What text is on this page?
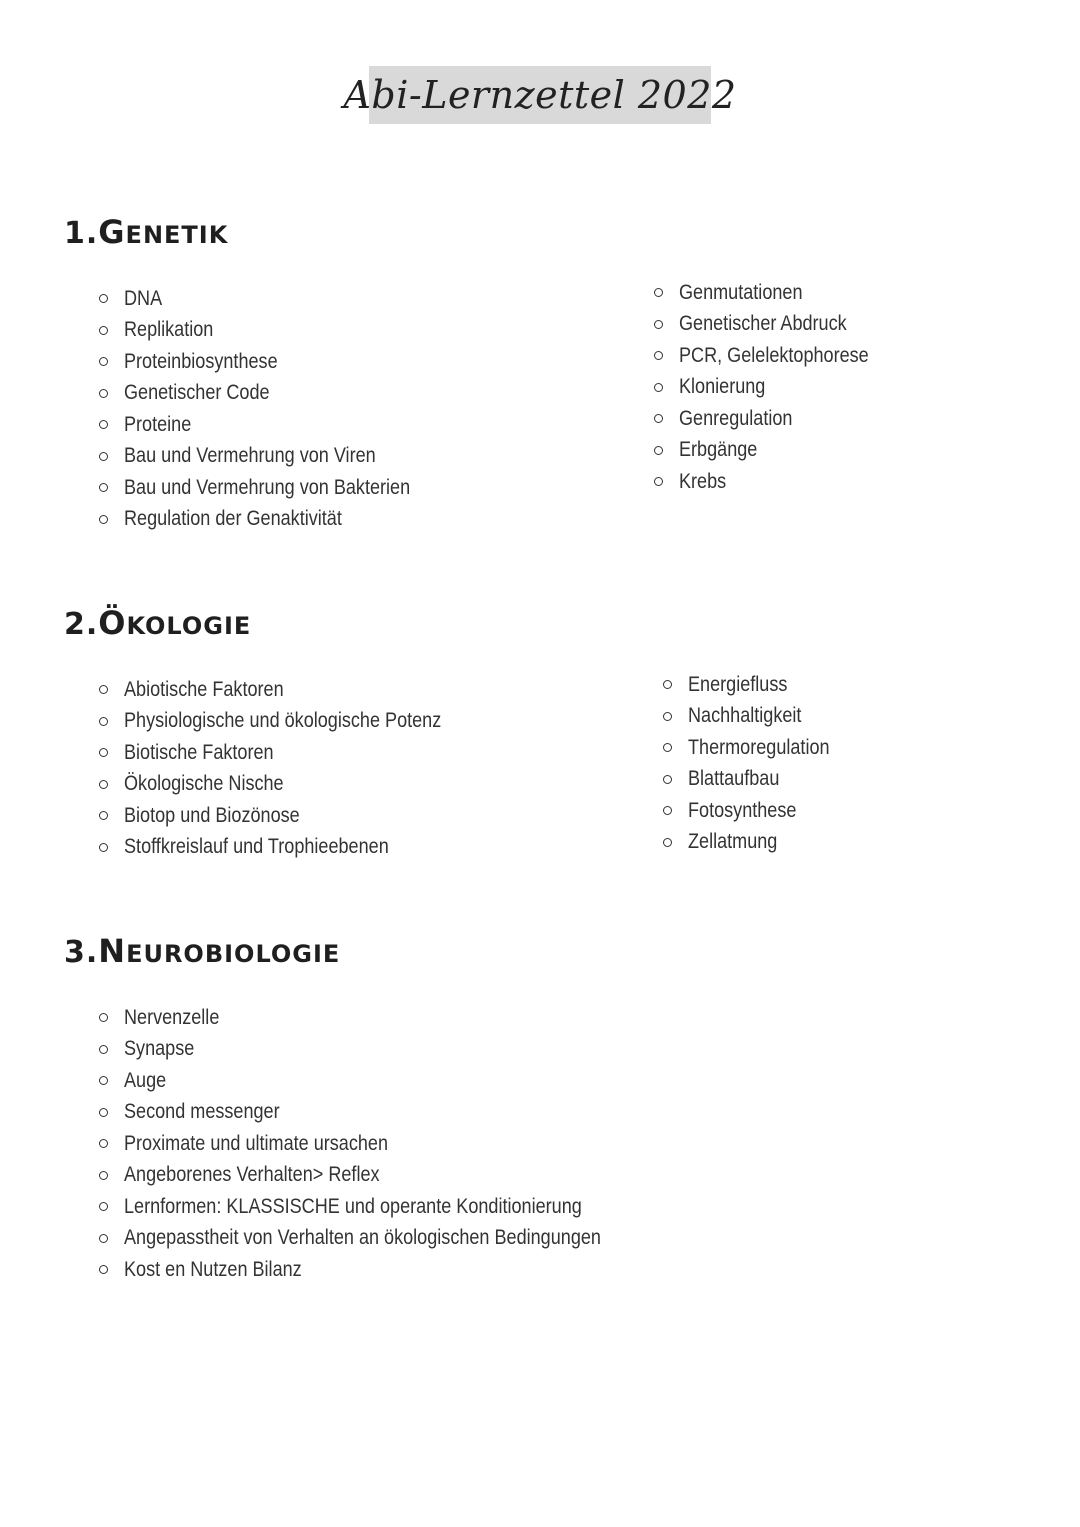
Abi-Lernzettel 2022
1.GENETIK
DNA
Replikation
Proteinbiosynthese
Genetischer Code
Proteine
Bau und Vermehrung von Viren
Bau und Vermehrung von Bakterien
Regulation der Genaktivität
Genmutationen
Genetischer Abdruck
PCR, Gelelektophorese
Klonierung
Genregulation
Erbgänge
Krebs
2.ÖKOLOGIE
Abiotische Faktoren
Physiologische und ökologische Potenz
Biotische Faktoren
Ökologische Nische
Biotop und Biozönose
Stoffkreislauf und Trophieebenen
Energiefluss
Nachhaltigkeit
Thermoregulation
Blattaufbau
Fotosynthese
Zellatmung
3.NEUROBIOLOGIE
Nervenzelle
Synapse
Auge
Second messenger
Proximate und ultimate ursachen
Angeborenes Verhalten> Reflex
Lernformen: KLASSISCHE und operante Konditionierung
Angepasstheit von Verhalten an ökologischen Bedingungen
Kost en Nutzen Bilanz
